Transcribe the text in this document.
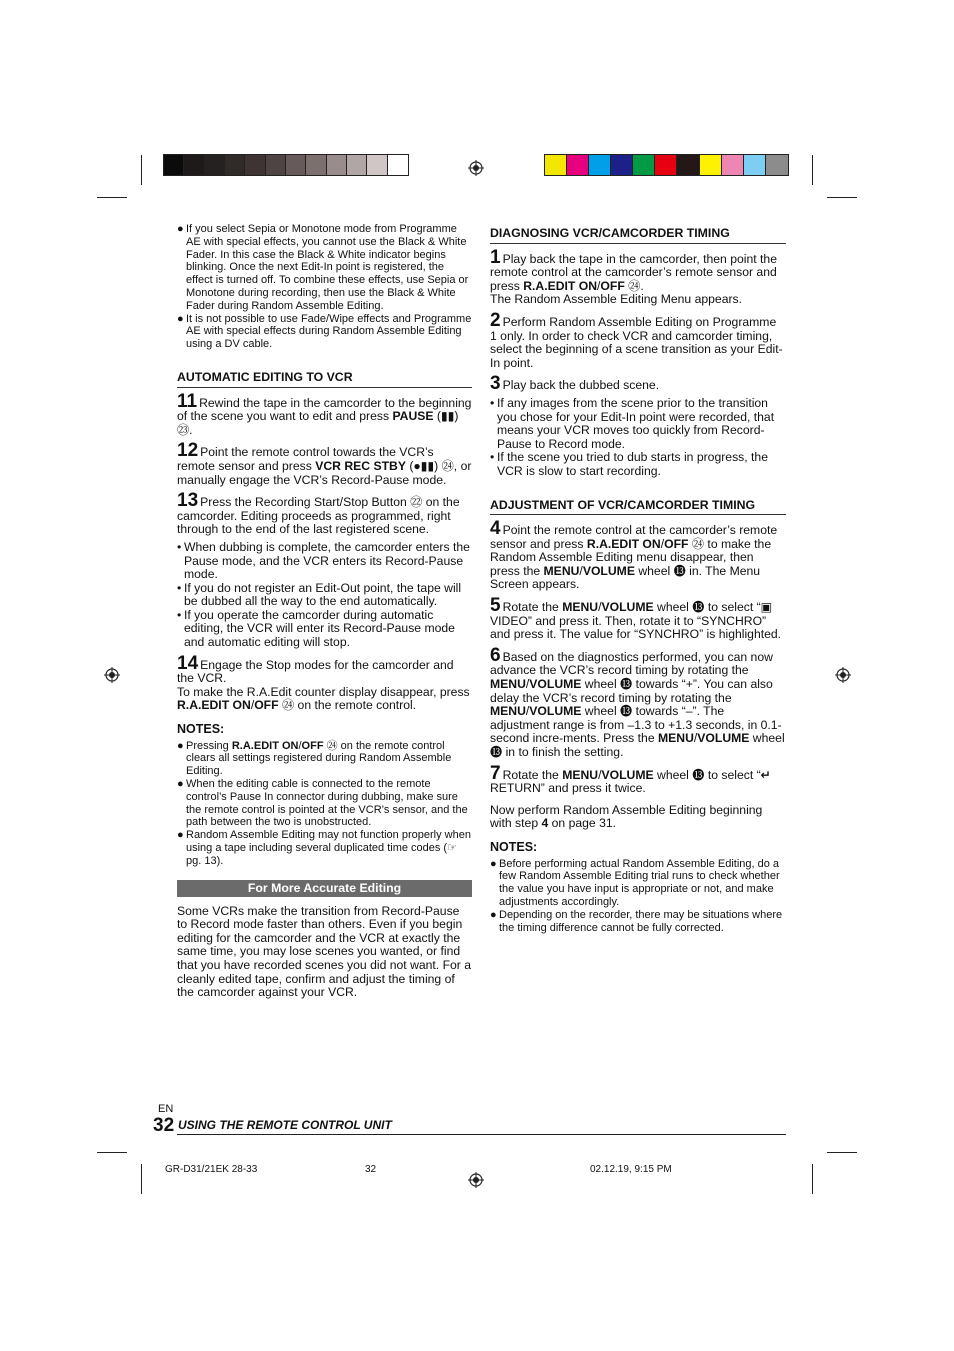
● If you select Sepia or Monotone mode from Programme AE with special effects, you cannot use the Black & White Fader. In this case the Black & White indicator begins blinking. Once the next Edit-In point is registered, the effect is turned off. To combine these effects, use Sepia or Monotone during recording, then use the Black & White Fader during Random Assemble Editing.

● It is not possible to use Fade/Wipe effects and Programme AE with special effects during Random Assemble Editing using a DV cable.

AUTOMATIC EDITING TO VCR

11 Rewind the tape in the camcorder to the beginning of the scene you want to edit and press PAUSE (▮▮) ㉓.

12 Point the remote control towards the VCR’s remote sensor and press VCR REC STBY (●▮▮) ㉔, or manually engage the VCR’s Record-Pause mode.

13 Press the Recording Start/Stop Button ㉒ on the camcorder. Editing proceeds as programmed, right through to the end of the last registered scene.

• When dubbing is complete, the camcorder enters the Pause mode, and the VCR enters its Record-Pause mode.

• If you do not register an Edit-Out point, the tape will be dubbed all the way to the end automatically.

• If you operate the camcorder during automatic editing, the VCR will enter its Record-Pause mode and automatic editing will stop.

14 Engage the Stop modes for the camcorder and the VCR.

To make the R.A.Edit counter display disappear, press R.A.EDIT ON/OFF ㉔ on the remote control.

NOTES:

● Pressing R.A.EDIT ON/OFF ㉔ on the remote control clears all settings registered during Random Assemble Editing.

● When the editing cable is connected to the remote control’s Pause In connector during dubbing, make sure the remote control is pointed at the VCR’s sensor, and the path between the two is unobstructed.

● Random Assemble Editing may not function properly when using a tape including several duplicated time codes (☞ pg. 13).

For More Accurate Editing

Some VCRs make the transition from Record-Pause to Record mode faster than others. Even if you begin editing for the camcorder and the VCR at exactly the same time, you may lose scenes you wanted, or find that you have recorded scenes you did not want. For a cleanly edited tape, confirm and adjust the timing of the camcorder against your VCR.

DIAGNOSING VCR/CAMCORDER TIMING

1 Play back the tape in the camcorder, then point the remote control at the camcorder’s remote sensor and press R.A.EDIT ON/OFF ㉔.

The Random Assemble Editing Menu appears.

2 Perform Random Assemble Editing on Programme 1 only. In order to check VCR and camcorder timing, select the beginning of a scene transition as your Edit-In point.

3 Play back the dubbed scene.

• If any images from the scene prior to the transition you chose for your Edit-In point were recorded, that means your VCR moves too quickly from Record-Pause to Record mode.

• If the scene you tried to dub starts in progress, the VCR is slow to start recording.

ADJUSTMENT OF VCR/CAMCORDER TIMING

4 Point the remote control at the camcorder’s remote sensor and press R.A.EDIT ON/OFF ㉔ to make the Random Assemble Editing menu disappear, then press the MENU/VOLUME wheel ⓭ in. The Menu Screen appears.

5 Rotate the MENU/VOLUME wheel ⓭ to select “▣ VIDEO” and press it. Then, rotate it to “SYNCHRO” and press it. The value for “SYNCHRO” is highlighted.

6 Based on the diagnostics performed, you can now advance the VCR’s record timing by rotating the MENU/VOLUME wheel ⓭ towards “+”. You can also delay the VCR’s record timing by rotating the MENU/VOLUME wheel ⓭ towards “–”. The adjustment range is from –1.3 to +1.3 seconds, in 0.1-second incre-ments. Press the MENU/VOLUME wheel ⓭ in to finish the setting.

7 Rotate the MENU/VOLUME wheel ⓭ to select “↵ RETURN” and press it twice.

Now perform Random Assemble Editing beginning with step 4 on page 31.

NOTES:

● Before performing actual Random Assemble Editing, do a few Random Assemble Editing trial runs to check whether the value you have input is appropriate or not, and make adjustments accordingly.

● Depending on the recorder, there may be situations where the timing difference cannot be fully corrected.

EN
32 USING THE REMOTE CONTROL UNIT
GR-D31/21EK 28-33	32	02.12.19, 9:15 PM
